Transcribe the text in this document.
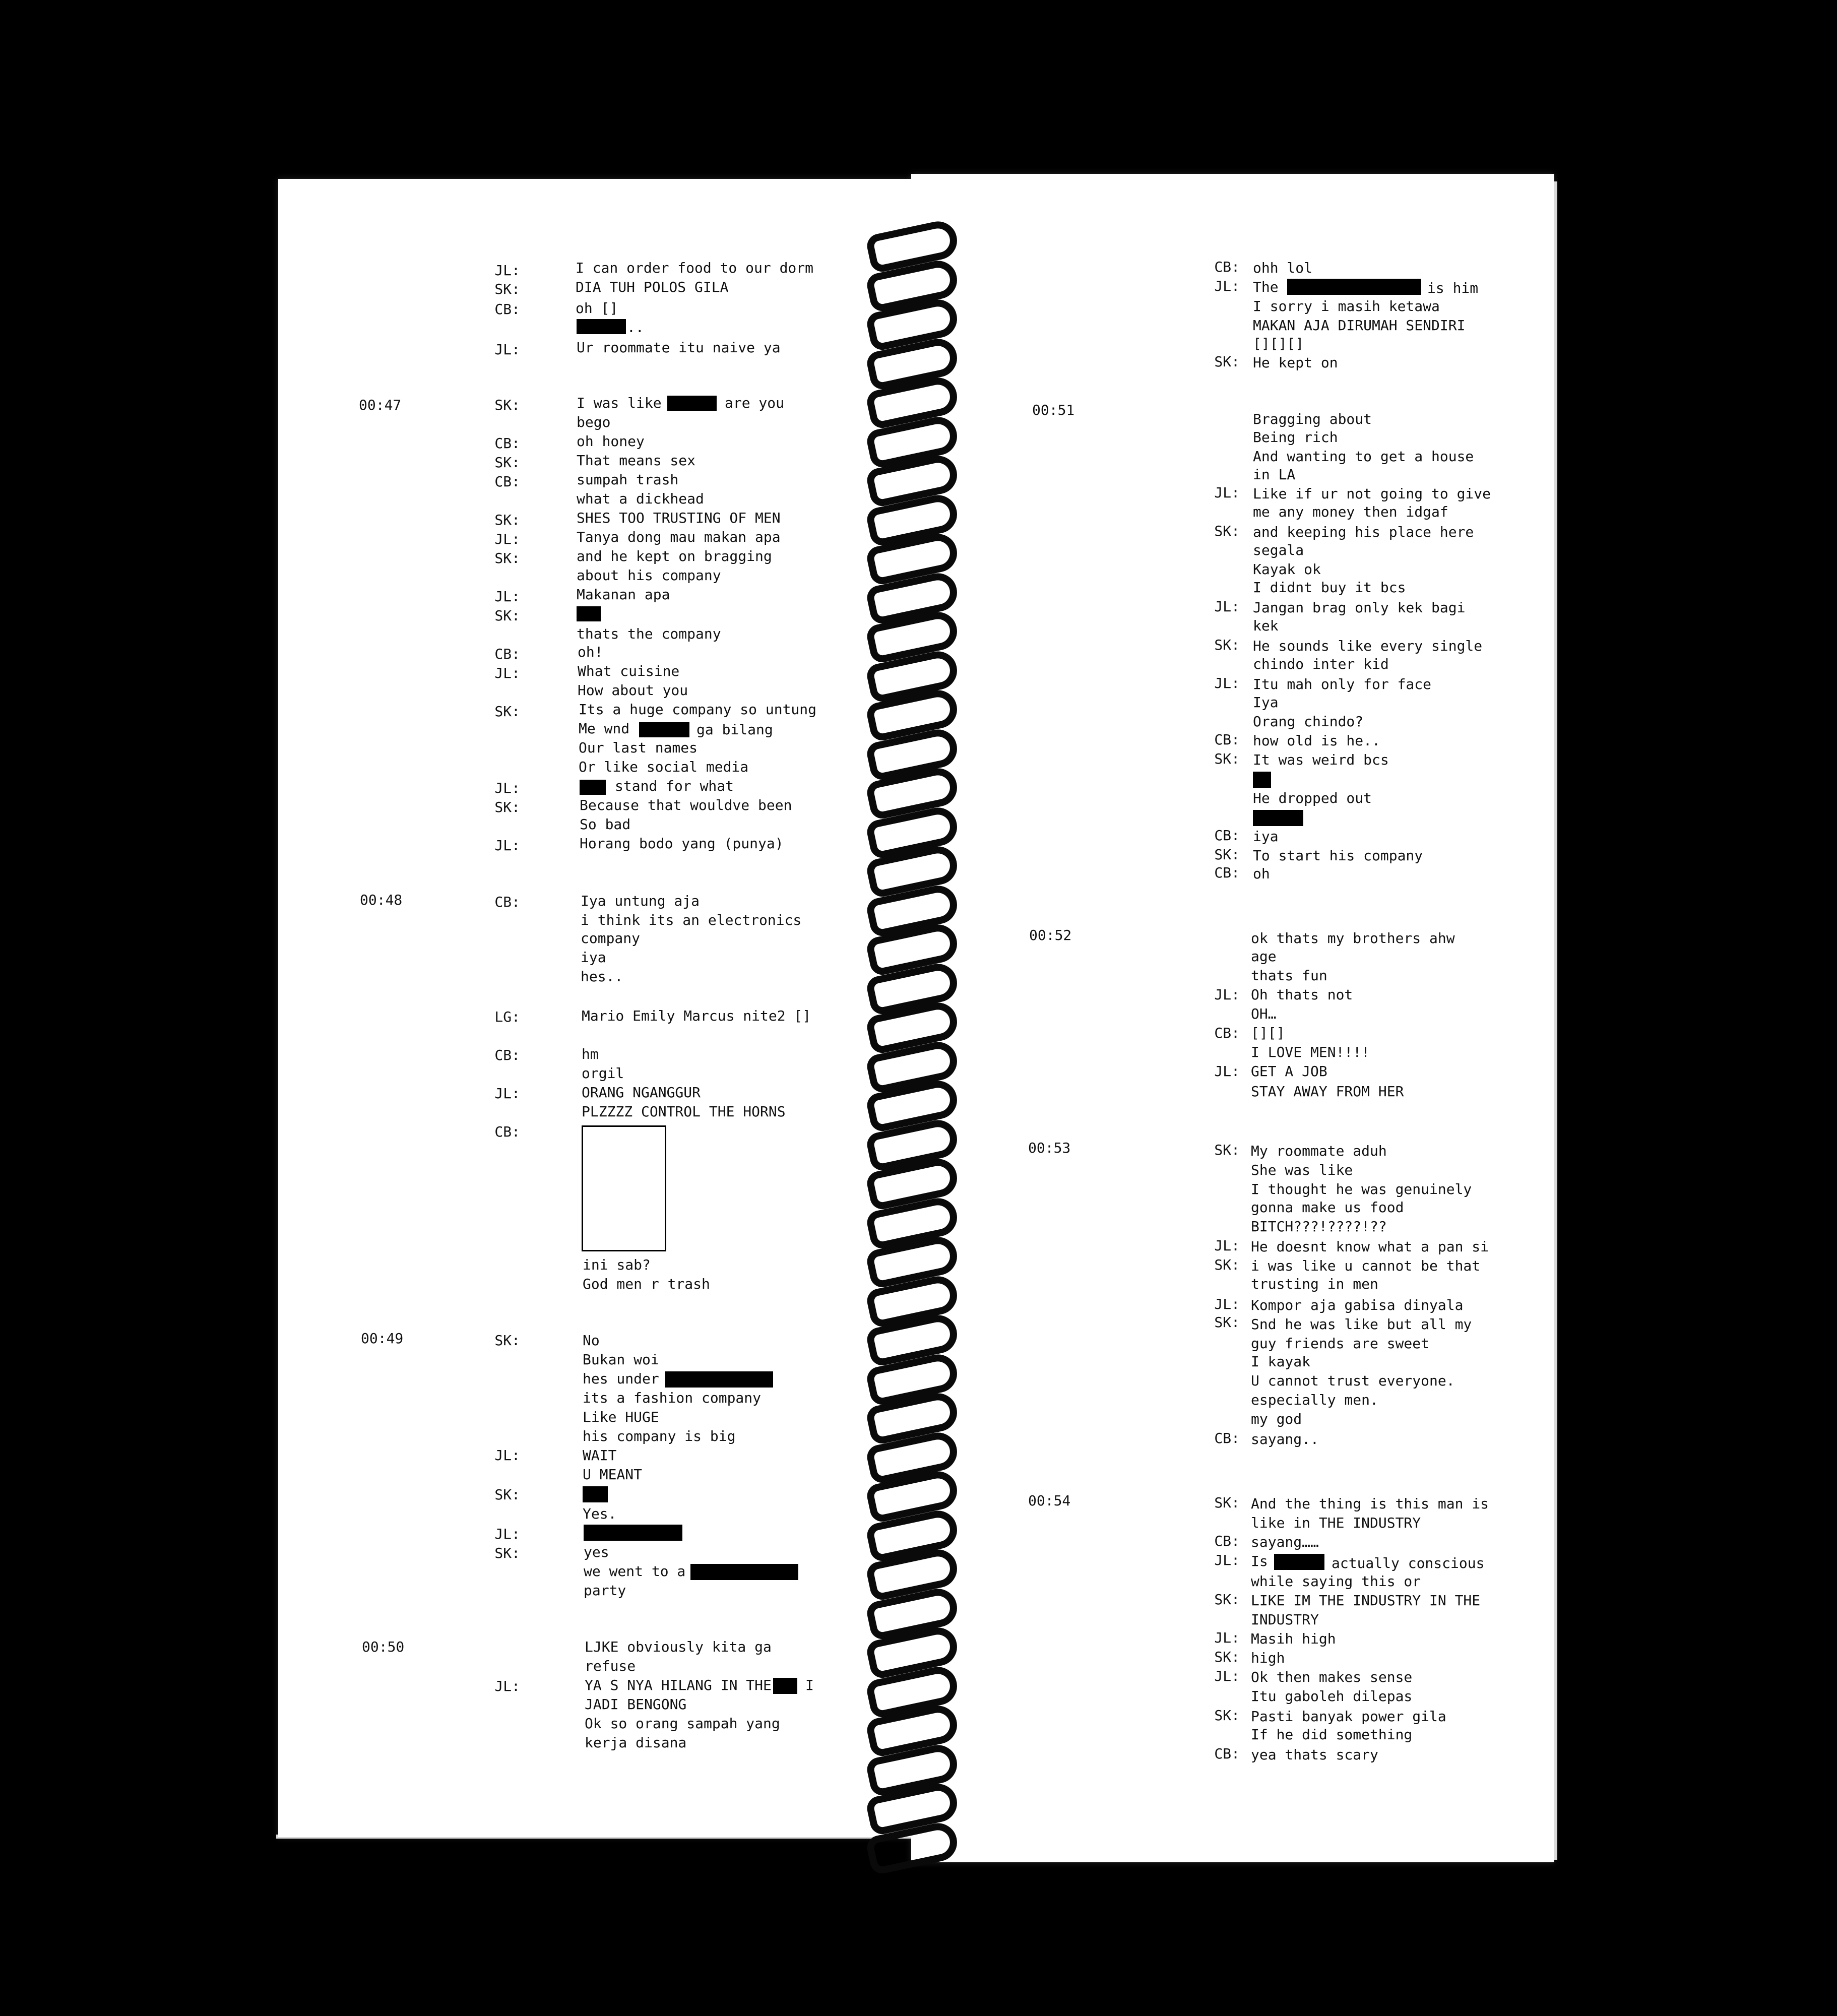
JL:	I can order food to our dorm
SK:	DIA TUH POLOS GILA
CB:	oh []
..
JL:	Ur roommate itu naive ya
00:47	SK:	I was like	are you
bego
CB:	oh honey
SK:	That means sex
CB:	sumpah trash
what a dickhead
SK:	SHES TOO TRUSTING OF MEN
JL:	Tanya dong mau makan apa
SK:	and he kept on bragging
about his company
JL:	Makanan apa
SK:
thats the company
CB:	oh!
JL:	What cuisine
How about you
SK:	Its a huge company so untung
Me wnd	ga bilang
Our last names
Or like social media
JL:	stand for what
SK:	Because that wouldve been
So bad
JL:	Horang bodo yang (punya)
00:48	CB:	Iya untung aja
i think its an electronics
company
iya
hes..
LG:	Mario Emily Marcus nite2 []
CB:	hm
orgil
JL:	ORANG NGANGGUR
PLZZZZ CONTROL THE HORNS
CB:
ini sab?
God men r trash
00:49	SK:	No
Bukan woi
hes under
its a fashion company
Like HUGE
his company is big
JL:	WAIT
U MEANT
SK:
Yes.
JL:
SK:	yes
we went to a
party
00:50	LJKE obviously kita ga
refuse
JL:	YA S NYA HILANG IN THE I
JADI BENGONG
Ok so orang sampah yang
kerja disana
CB: ohh lol
JL: The	is him
I sorry i masih ketawa
MAKAN AJA DIRUMAH SENDIRI
[][][]
SK: He kept on
00:51
Bragging about
Being rich
And wanting to get a house
in LA
JL: Like if ur not going to give
me any money then idgaf
SK: and keeping his place here
segala
Kayak ok
I didnt buy it bcs
JL: Jangan brag only kek bagi
kek
SK: He sounds like every single
chindo inter kid
JL: Itu mah only for face
Iya
Orang chindo?
CB: how old is he..
SK: It was weird bcs
He dropped out
CB: iya
SK: To start his company
CB: oh
00:52	ok thats my brothers ahw
age
thats fun
JL: Oh thats not
OH…
CB: [][]
I LOVE MEN!!!!
JL: GET A JOB
STAY AWAY FROM HER
00:53	SK: My roommate aduh
She was like
I thought he was genuinely
gonna make us food
BITCH???!????!??
JL: He doesnt know what a pan si
SK: i was like u cannot be that
trusting in men
JL: Kompor aja gabisa dinyala
SK: Snd he was like but all my
guy friends are sweet
I kayak
U cannot trust everyone.
especially men.
my god
CB: sayang..
00:54	SK: And the thing is this man is
like in THE INDUSTRY
CB: sayang……
JL: Is	actually conscious
while saying this or
SK: LIKE IM THE INDUSTRY IN THE
INDUSTRY
JL: Masih high
SK: high
JL: Ok then makes sense
Itu gaboleh dilepas
SK: Pasti banyak power gila
If he did something
CB: yea thats scary
